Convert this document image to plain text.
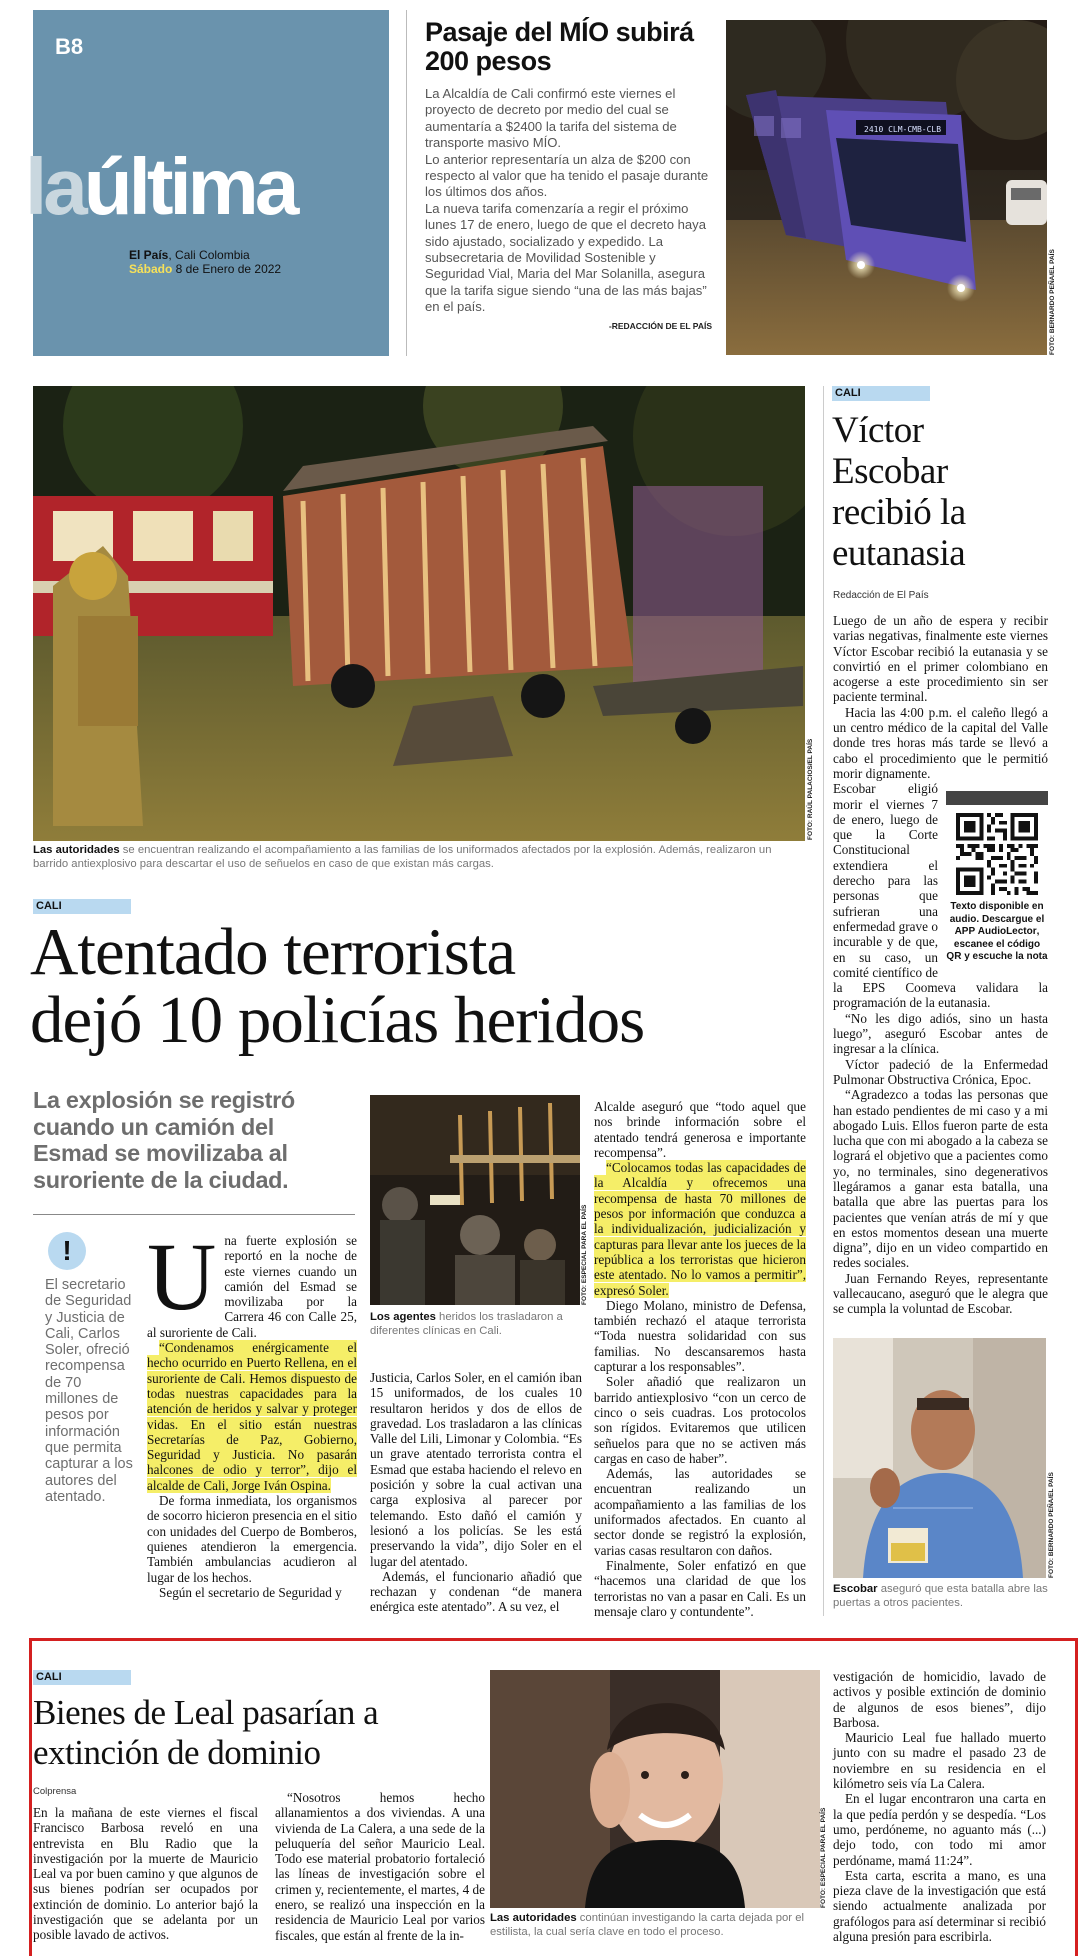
B8
laúltima
El País, Cali Colombia
Sábado 8 de Enero de 2022
Pasaje del MÍO subirá 200 pesos

La Alcaldía de Cali confirmó este viernes el proyecto de decreto por medio del cual se aumentaría a $2400 la tarifa del sistema de transporte masivo MÍO.

Lo anterior representaría un alza de $200 con respecto al valor que ha tenido el pasaje durante los últimos dos años.

La nueva tarifa comenzaría a regir el próximo lunes 17 de enero, luego de que el decreto haya sido ajustado, socializado y expedido. La subsecretaria de Movilidad Sostenible y Seguridad Vial, Maria del Mar Solanilla, asegura que la tarifa sigue siendo “una de las más bajas” en el país.

-REDACCIÓN DE EL PAÍS

2410 CLM-CMB-CLB
FOTO: BERNARDO PEÑA/EL PAÍS
FOTO: RAÚL PALACIOS/EL PAÍS
Las autoridades se encuentran realizando el acompañamiento a las familias de los uniformados afectados por la explosión. Además, realizaron un barrido antiexplosivo para descartar el uso de señuelos en caso de que existan más cargas.
CALI
Atentado terrorista
dejó 10 policías heridos
La explosión se registró cuando un camión del Esmad se movilizaba al suroriente de la ciudad.
!
El secretario de Seguridad y Justicia de Cali, Carlos Soler, ofreció recompensa de 70 millones de pesos por información que permita capturar a los autores del atentado.
U na fuerte explosión se reportó en la noche de este viernes cuando un camión del Esmad se movilizaba por la Carrera 46 con Calle 25, al suroriente de Cali.

“Condenamos enérgicamente el hecho ocurrido en Puerto Rellena, en el suroriente de Cali. Hemos dispuesto de todas nuestras capacidades para la atención de heridos y salvar y proteger vidas. En el sitio están nuestras Secretarías de Paz, Gobierno, Seguridad y Justicia. No pasarán halcones de odio y terror”, dijo el alcalde de Cali, Jorge Iván Ospina.

De forma inmediata, los organismos de socorro hicieron presencia en el sitio con unidades del Cuerpo de Bomberos, quienes atendieron la emergencia. También ambulancias acudieron al lugar de los hechos.

Según el secretario de Seguridad y

FOTO: ESPECIAL PARA EL PAÍS
Los agentes heridos los trasladaron a diferentes clínicas en Cali.

Justicia, Carlos Soler, en el camión iban 15 uniformados, de los cuales 10 resultaron heridos y dos de ellos de gravedad. Los trasladaron a las clínicas Valle del Lili, Limonar y Colombia. “Es un grave atentado terrorista contra el Esmad que estaba haciendo el relevo en posición y sobre la cual activan una carga explosiva al parecer por telemando. Esto dañó el camión y lesionó a los policías. Se les está preservando la vida”, dijo Soler en el lugar del atentado.

Además, el funcionario añadió que rechazan y condenan “de manera enérgica este atentado”. A su vez, el

Alcalde aseguró que “todo aquel que nos brinde información sobre el atentado tendrá generosa e importante recompensa”.

“Colocamos todas las capacidades de la Alcaldía y ofrecemos una recompensa de hasta 70 millones de pesos por información que conduzca a la individualización, judicialización y capturas para llevar ante los jueces de la república a los terroristas que hicieron este atentado. No lo vamos a permitir”, expresó Soler.

Diego Molano, ministro de Defensa, también rechazó el ataque terrorista “Toda nuestra solidaridad con sus familias. No descansaremos hasta capturar a los responsables”.

Soler añadió que realizaron un barrido antiexplosivo “con un cerco de cinco o seis cuadras. Los protocolos son rígidos. Evitaremos que utilicen señuelos para que no se activen más cargas en caso de haber”.

Además, las autoridades se encuentran realizando un acompañamiento a las familias de los uniformados afectados. En cuanto al sector donde se registró la explosión, varias casas resultaron con daños.

Finalmente, Soler enfatizó en que “hacemos una claridad de que los terroristas no van a pasar en Cali. Es un mensaje claro y contundente”.

CALI
Víctor Escobar recibió la eutanasia
Redacción de El País

Luego de un año de espera y recibir varias negativas, finalmente este viernes Víctor Escobar recibió la eutanasia y se convirtió en el primer colombiano en acogerse a este procedimiento sin ser paciente terminal.

Hacia las 4:00 p.m. el caleño llegó a un centro médico de la capital del Valle donde tres horas más tarde se llevó a cabo el procedimiento que le permitió morir dignamente.

Texto disponible en audio. Descargue el APP AudioLector, escanee el código QR y escuche la nota

Escobar eligió morir el viernes 7 de enero, luego de que la Corte Constitucional extendiera el derecho para las personas que sufrieran una enfermedad grave o incurable y de que, en su caso, un comité científico de la EPS Coomeva validara la programación de la eutanasia.

“No les digo adiós, sino un hasta luego”, aseguró Escobar antes de ingresar a la clínica.

Víctor padeció de la Enfermedad Pulmonar Obstructiva Crónica, Epoc.

“Agradezco a todas las personas que han estado pendientes de mi caso y a mi abogado Luis. Ellos fueron parte de esta lucha que con mi abogado a la cabeza se logrará el objetivo que a pacientes como yo, no terminales, sino degenerativos llegáramos a ganar esta batalla, una batalla que abre las puertas para los pacientes que venían atrás de mí y que en estos momentos desean una muerte digna”, dijo en un video compartido en redes sociales.

Juan Fernando Reyes, representante vallecaucano, aseguró que le alegra que se cumpla la voluntad de Escobar.

FOTO: BERNARDO PEÑA/EL PAÍS
Escobar aseguró que esta batalla abre las puertas a otros pacientes.
CALI
Bienes de Leal pasarían a extinción de dominio
Colprensa

En la mañana de este viernes el fiscal Francisco Barbosa reveló en una entrevista en Blu Radio que la investigación por la muerte de Mauricio Leal va por buen camino y que algunos de sus bienes podrían ser ocupados por extinción de dominio. Lo anterior bajó la investigación que se adelanta por un posible lavado de activos.

“Nosotros hemos hecho allanamientos a dos viviendas. A una vivienda de La Calera, a una sede de la peluquería del señor Mauricio Leal. Todo ese material probatorio fortaleció las líneas de investigación sobre el crimen y, recientemente, el martes, 4 de enero, se realizó una inspección en la residencia de Mauricio Leal por varios fiscales, que están al frente de la in-

FOTO: ESPECIAL PARA EL PAÍS
Las autoridades continúan investigando la carta dejada por el estilista, la cual sería clave en todo el proceso.

vestigación de homicidio, lavado de activos y posible extinción de dominio de algunos de esos bienes”, dijo Barbosa.

Mauricio Leal fue hallado muerto junto con su madre el pasado 23 de noviembre en su residencia en el kilómetro seis vía La Calera.

En el lugar encontraron una carta en la que pedía perdón y se despedía. “Los umo, perdóneme, no aguanto más (...) dejo todo, con todo mi amor perdóname, mamá 11:24”.

Esta carta, escrita a mano, es una pieza clave de la investigación que está siendo actualmente analizada por grafólogos para así determinar si recibió alguna presión para escribirla.
